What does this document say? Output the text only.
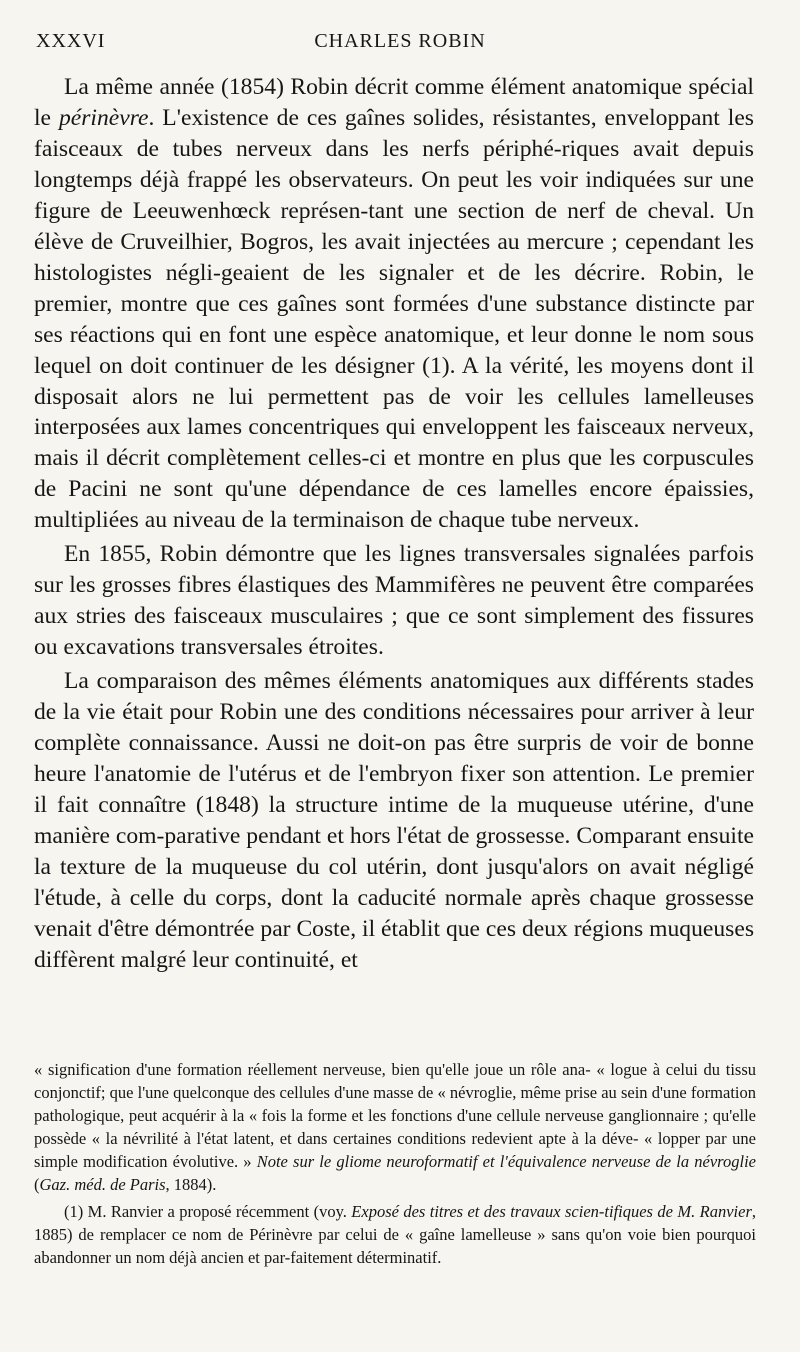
XXXVI	CHARLES ROBIN

La même année (1854) Robin décrit comme élément anatomique spécial le périnèvre. L'existence de ces gaînes solides, résistantes, enveloppant les faisceaux de tubes nerveux dans les nerfs périphé-riques avait depuis longtemps déjà frappé les observateurs. On peut les voir indiquées sur une figure de Leeuwenhœck représen-tant une section de nerf de cheval. Un élève de Cruveilhier, Bogros, les avait injectées au mercure ; cependant les histologistes négli-geaient de les signaler et de les décrire. Robin, le premier, montre que ces gaînes sont formées d'une substance distincte par ses réactions qui en font une espèce anatomique, et leur donne le nom sous lequel on doit continuer de les désigner (1). A la vérité, les moyens dont il disposait alors ne lui permettent pas de voir les cellules lamelleuses interposées aux lames concentriques qui enveloppent les faisceaux nerveux, mais il décrit complètement celles-ci et montre en plus que les corpuscules de Pacini ne sont qu'une dépendance de ces lamelles encore épaissies, multipliées au niveau de la terminaison de chaque tube nerveux.

En 1855, Robin démontre que les lignes transversales signalées parfois sur les grosses fibres élastiques des Mammifères ne peuvent être comparées aux stries des faisceaux musculaires ; que ce sont simplement des fissures ou excavations transversales étroites.

La comparaison des mêmes éléments anatomiques aux différents stades de la vie était pour Robin une des conditions nécessaires pour arriver à leur complète connaissance. Aussi ne doit-on pas être surpris de voir de bonne heure l'anatomie de l'utérus et de l'embryon fixer son attention. Le premier il fait connaître (1848) la structure intime de la muqueuse utérine, d'une manière com-parative pendant et hors l'état de grossesse. Comparant ensuite la texture de la muqueuse du col utérin, dont jusqu'alors on avait négligé l'étude, à celle du corps, dont la caducité normale après chaque grossesse venait d'être démontrée par Coste, il établit que ces deux régions muqueuses diffèrent malgré leur continuité, et

« signification d'une formation réellement nerveuse, bien qu'elle joue un rôle ana- « logue à celui du tissu conjonctif; que l'une quelconque des cellules d'une masse de « névroglie, même prise au sein d'une formation pathologique, peut acquérir à la « fois la forme et les fonctions d'une cellule nerveuse ganglionnaire ; qu'elle possède « la névrilité à l'état latent, et dans certaines conditions redevient apte à la déve- « lopper par une simple modification évolutive. » Note sur le gliome neuroformatif et l'équivalence nerveuse de la névroglie (Gaz. méd. de Paris, 1884).

(1) M. Ranvier a proposé récemment (voy. Exposé des titres et des travaux scien-tifiques de M. Ranvier, 1885) de remplacer ce nom de Périnèvre par celui de « gaîne lamelleuse » sans qu'on voie bien pourquoi abandonner un nom déjà ancien et par-faitement déterminatif.
